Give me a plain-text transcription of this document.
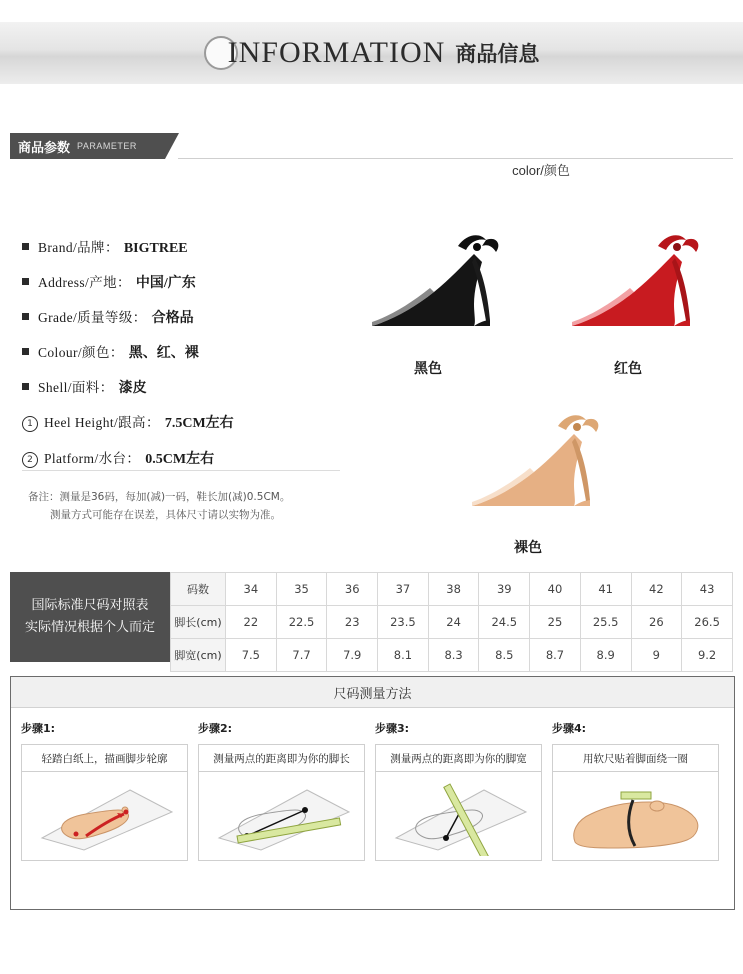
INFORMATION 商品信息
商品参数 PARAMETER
Brand/品牌： BIGTREE
Address/产地： 中国/广东
Grade/质量等级： 合格品
Colour/颜色： 黑、红、裸
Shell/面料： 漆皮
1 Heel Height/跟高： 7.5CM左右
2 Platform/水台： 0.5CM左右
备注：测量是36码，每加(减)一码，鞋长加(减)0.5CM。
测量方式可能存在误差，具体尺寸请以实物为准。
color/颜色
黑色	红色
裸色
国际标准尺码对照表
实际情况根据个人而定
码数	34	35	36	37	38	39	40	41	42	43
脚长(cm)	22	22.5	23	23.5	24	24.5	25	25.5	26	26.5
脚宽(cm)	7.5	7.7	7.9	8.1	8.3	8.5	8.7	8.9	9	9.2
尺码测量方法
步骤1:
轻踏白纸上，描画脚步轮廓
步骤2:
测量两点的距离即为你的脚长
步骤3:
测量两点的距离即为你的脚宽
步骤4:
用软尺贴着脚面绕一圈
